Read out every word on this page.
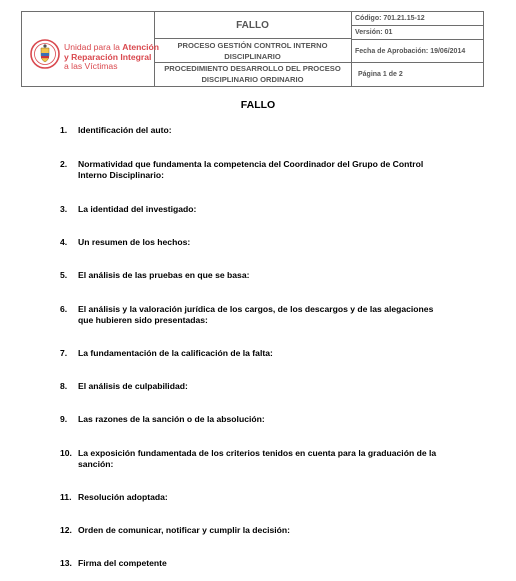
Unidad para la Atención
y Reparación Integral
a las Víctimas
FALLO
PROCESO GESTIÓN CONTROL INTERNO
DISCIPLINARIO
PROCEDIMIENTO DESARROLLO DEL PROCESO
DISCIPLINARIO ORDINARIO
Código: 701.21.15-12
Versión: 01
Fecha de Aprobación: 19/06/2014
Página 1 de 2
FALLO
1. Identificación del auto:
2. Normatividad que fundamenta la competencia del Coordinador del Grupo de Control Interno Disciplinario:
3. La identidad del investigado:
4. Un resumen de los hechos:
5. El análisis de las pruebas en que se basa:
6. El análisis y la valoración jurídica de los cargos, de los descargos y de las alegaciones que hubieren sido presentadas:
7. La fundamentación de la calificación de la falta:
8. El análisis de culpabilidad:
9. Las razones de la sanción o de la absolución:
10. La exposición fundamentada de los criterios tenidos en cuenta para la graduación de la sanción:
11. Resolución adoptada:
12. Orden de comunicar, notificar y cumplir la decisión:
13. Firma del competente
